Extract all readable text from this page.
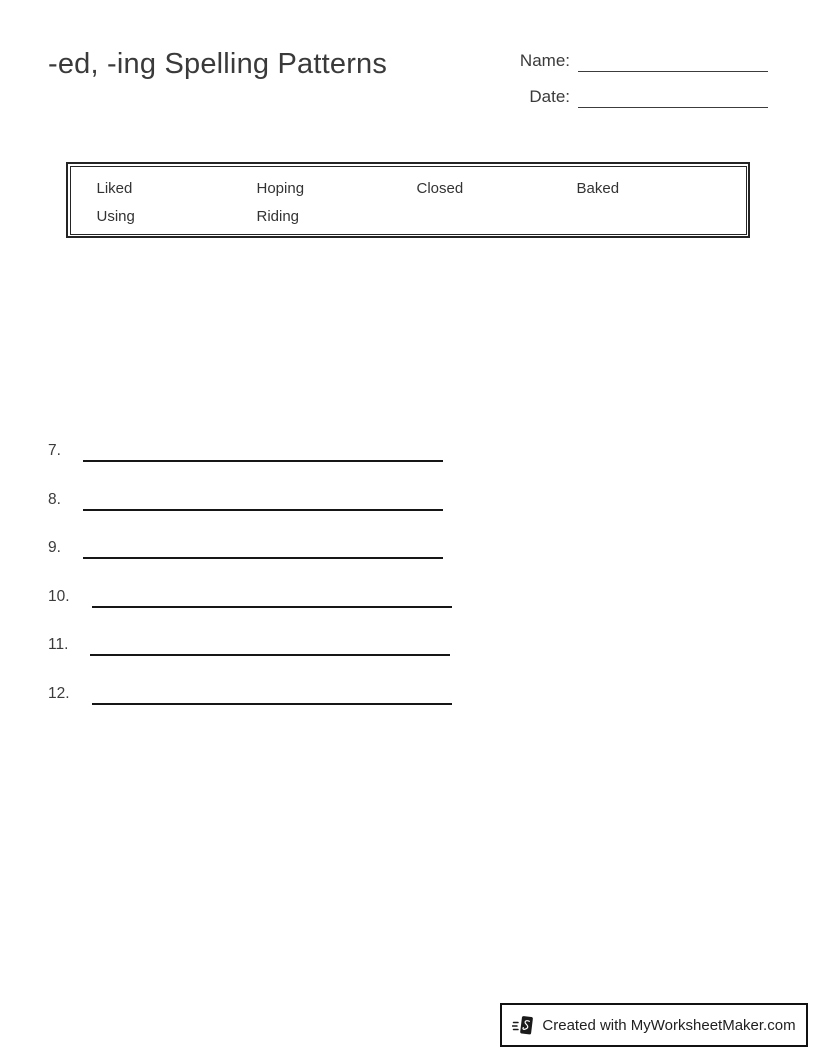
-ed, -ing Spelling Patterns	Name:
Date:
Liked	Hoping	Closed	Baked
Using	Riding
7.
8.
9.
10.
11.
12.
Created with MyWorksheetMaker.com
